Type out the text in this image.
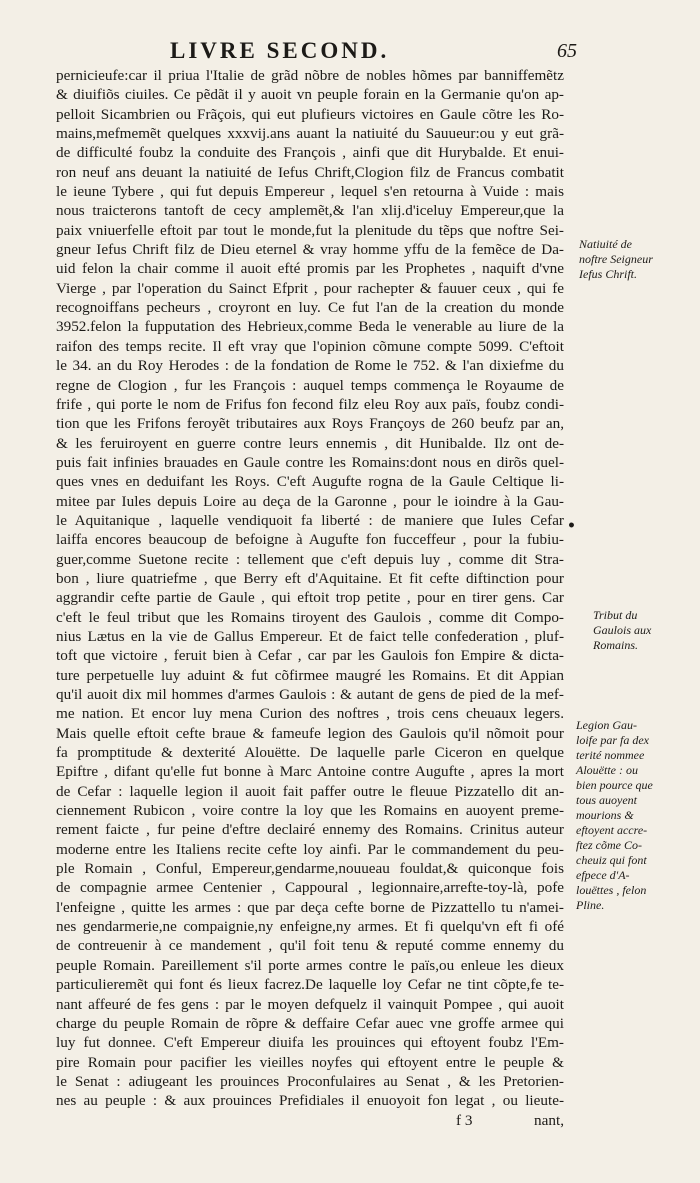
LIVRE SECOND.	65
pernicieufe:car il priua l'Italie de grãd nõbre de nobles hõmes par banniffemẽtz
& diuifiõs ciuiles. Ce pẽdãt il y auoit vn peuple forain en la Germanie qu'on ap-
pelloit Sicambrien ou Frãçois, qui eut plufieurs victoires en Gaule cõtre les Ro-
mains,mefmemẽt quelques xxxvij.ans auant la natiuité du Sauueur:ou y eut grã-
de difficulté foubz la conduite des François , ainfi que dit Hurybalde. Et enui-
ron neuf ans deuant la natiuité de Iefus Chrift,Clogion filz de Francus combatit
le ieune Tybere , qui fut depuis Empereur , lequel s'en retourna à Vuide : mais
nous traicterons tantoft de cecy amplemẽt,& l'an xlij.d'iceluy Empereur,que la
paix vniuerfelle eftoit par tout le monde,fut la plenitude du tẽps que noftre Sei-
gneur Iefus Chrift filz de Dieu eternel & vray homme yffu de la femẽce de Da-
uid felon la chair comme il auoit efté promis par les Prophetes , naquift d'vne
Vierge , par l'operation du Sainct Efprit , pour rachepter & fauuer ceux , qui fe
recognoiffans pecheurs , croyront en luy. Ce fut l'an de la creation du monde
3952.felon la fupputation des Hebrieux,comme Beda le venerable au liure de la
raifon des temps recite. Il eft vray que l'opinion cõmune compte 5099. C'eftoit
le 34. an du Roy Herodes : de la fondation de Rome le 752. & l'an dixiefme du
regne de Clogion , fur les François : auquel temps commença le Royaume de
frife , qui porte le nom de Frifus fon fecond filz eleu Roy aux païs, foubz condi-
tion que les Frifons feroyẽt tributaires aux Roys Françoys de 260 beufz par an,
& les feruiroyent en guerre contre leurs ennemis , dit Hunibalde. Ilz ont de-
puis fait infinies brauades en Gaule contre les Romains:dont nous en dirõs quel-
ques vnes en deduifant les Roys. C'eft Augufte rogna de la Gaule Celtique li-
mitee par Iules depuis Loire au deça de la Garonne , pour le ioindre à la Gau-
le Aquitanique , laquelle vendiquoit fa liberté : de maniere que Iules Cefar
laiffa encores beaucoup de befoigne à Augufte fon fucceffeur , pour la fubiu-
guer,comme Suetone recite : tellement que c'eft depuis luy , comme dit Stra-
bon , liure quatriefme , que Berry eft d'Aquitaine. Et fit cefte diftinction pour
aggrandir cefte partie de Gaule , qui eftoit trop petite , pour en tirer gens. Car
c'eft le feul tribut que les Romains tiroyent des Gaulois , comme dit Compo-
nius Lætus en la vie de Gallus Empereur. Et de faict telle confederation , pluf-
toft que victoire , feruit bien à Cefar , car par les Gaulois fon Empire & dicta-
ture perpetuelle luy aduint & fut cõfirmee maugré les Romains. Et dit Appian
qu'il auoit dix mil hommes d'armes Gaulois : & autant de gens de pied de la mef-
me nation. Et encor luy mena Curion des noftres , trois cens cheuaux legers.
Mais quelle eftoit cefte braue & fameufe legion des Gaulois qu'il nõmoit pour
fa promptitude & dexterité Alouëtte. De laquelle parle Ciceron en quelque
Epiftre , difant qu'elle fut bonne à Marc Antoine contre Augufte , apres la mort
de Cefar : laquelle legion il auoit fait paffer outre le fleuue Pizzatello dit an-
ciennement Rubicon , voire contre la loy que les Romains en auoyent preme-
rement faicte , fur peine d'eftre declairé ennemy des Romains. Crinitus auteur
moderne entre les Italiens recite cefte loy ainfi. Par le commandement du peu-
ple Romain , Conful, Empereur,gendarme,nouueau fouldat,& quiconque fois
de compagnie armee Centenier , Cappoural , legionnaire,arrefte-toy-là, pofe
l'enfeigne , quitte les armes : que par deça cefte borne de Pizzattello tu n'amei-
nes gendarmerie,ne compaignie,ny enfeigne,ny armes. Et fi quelqu'vn eft fi ofé
de contreuenir à ce mandement , qu'il foit tenu & reputé comme ennemy du
peuple Romain. Pareillement s'il porte armes contre le païs,ou enleue les dieux
particulieremẽt qui font és lieux facrez.De laquelle loy Cefar ne tint cõpte,fe te-
nant affeuré de fes gens : par le moyen defquelz il vainquit Pompee , qui auoit
charge du peuple Romain de rõpre & deffaire Cefar auec vne groffe armee qui
luy fut donnee. C'eft Empereur diuifa les prouinces qui eftoyent foubz l'Em-
pire Romain pour pacifier les vieilles noyfes qui eftoyent entre le peuple &
le Senat : adiugeant les prouinces Proconfulaires au Senat , & les Pretorien-
nes au peuple : & aux prouinces Prefidiales il enuoyoit fon legat , ou lieute-
Natiuité de
noftre Seigneur
Iefus Chrift.
•
Tribut du
Gaulois aux
Romains.
Legion Gau-
loife par fa dex
terité nommee
Alouëtte : ou
bien pource que
tous auoyent
mourions &
eftoyent accre-
ftez cõme Co-
cheuiz qui font
efpece d'A-
louëttes , felon
Pline.
f 3	nant,
